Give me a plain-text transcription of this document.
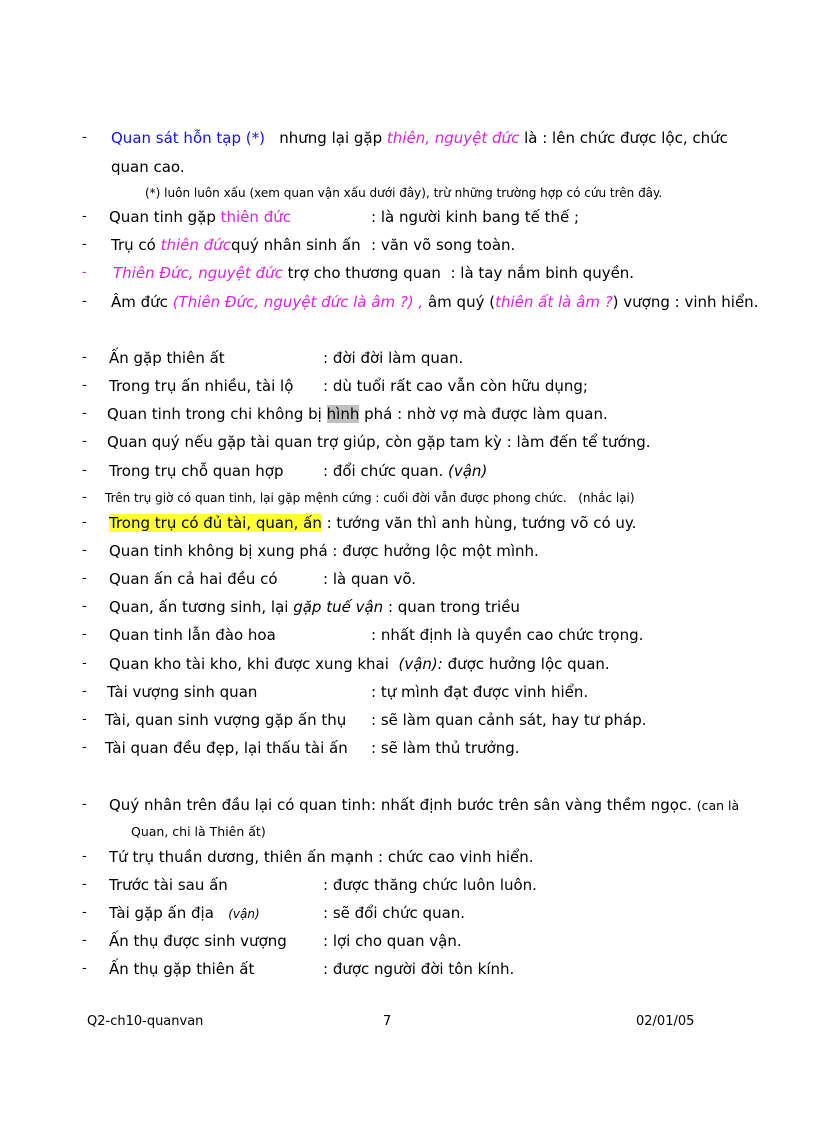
- Quan sát hỗn tạp (*) nhưng lại gặp thiên, nguyệt đức là : lên chức được lộc, chức
quan cao.
(*) luôn luôn xấu (xem quan vận xấu dưới đây), trừ những trường hợp có cứu trên đây.
- Quan tinh gặp thiên đức	: là người kinh bang tế thế ;
- Trụ có thiên đứcquý nhân sinh ấn : văn võ song toàn.
- Thiên Đức, nguyệt đức trợ cho thương quan : là tay nắm binh quyền.
- Âm đức (Thiên Đức, nguyệt đức là âm ?) , âm quý (thiên ất là âm ?) vượng : vinh hiển.
- Ấn gặp thiên ất	: đời đời làm quan.
- Trong trụ ấn nhiều, tài lộ : dù tuổi rất cao vẫn còn hữu dụng;
- Quan tinh trong chi không bị hình phá : nhờ vợ mà được làm quan.
- Quan quý nếu gặp tài quan trợ giúp, còn gặp tam kỳ : làm đến tể tướng.
- Trong trụ chỗ quan hợp	: đổi chức quan. (vận)
- Trên trụ giờ có quan tinh, lại gặp mệnh cứng : cuối đời vẫn được phong chức. (nhắc lại)
- Trong trụ có đủ tài, quan, ấn : tướng văn thì anh hùng, tướng võ có uy.
- Quan tinh không bị xung phá : được hưởng lộc một mình.
- Quan ấn cả hai đều có	: là quan võ.
- Quan, ấn tương sinh, lại gặp tuế vận : quan trong triều
- Quan tinh lẫn đào hoa	: nhất định là quyền cao chức trọng.
- Quan kho tài kho, khi được xung khai (vận): được hưởng lộc quan.
- Tài vượng sinh quan	: tự mình đạt được vinh hiển.
- Tài, quan sinh vượng gặp ấn thụ : sẽ làm quan cảnh sát, hay tư pháp.
- Tài quan đều đẹp, lại thấu tài ấn : sẽ làm thủ trưởng.
- Quý nhân trên đầu lại có quan tinh : nhất định bước trên sân vàng thềm ngọc. (can là
Quan, chi là Thiên ất)
- Tứ trụ thuần dương, thiên ấn mạnh : chức cao vinh hiển.
- Trước tài sau ấn	: được thăng chức luôn luôn.
- Tài gặp ấn địa (vận)	: sẽ đổi chức quan.
- Ấn thụ được sinh vượng : lợi cho quan vận.
- Ấn thụ gặp thiên ất	: được người đời tôn kính.
Q2-ch10-quanvan	7	02/01/05
